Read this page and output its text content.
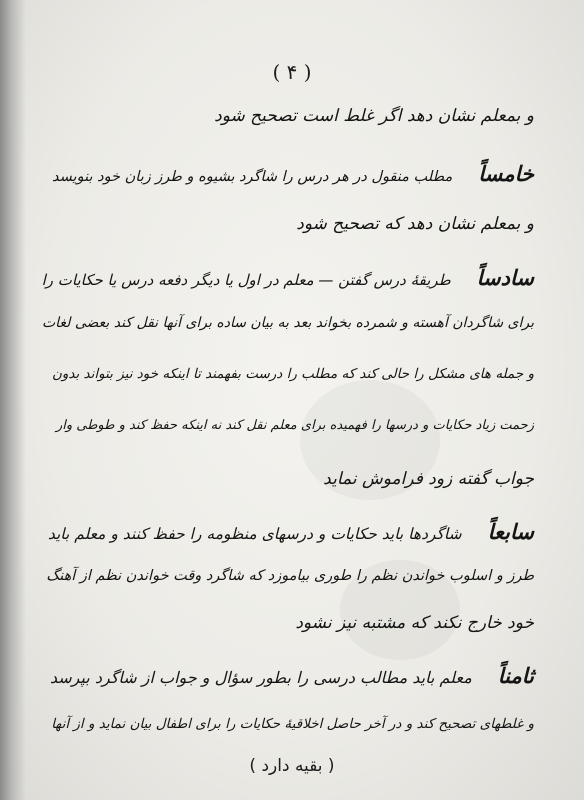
( ۴ )
و بمعلم نشان دهد اگر غلط است تصحیح شود
خامساًمطلب منقول در هر درس را شاگرد بشیوه و طرز زبان خود بنویسد
و بمعلم نشان دهد که تصحیح شود
سادساًطریقهٔ درس گفتن — معلم در اول یا دیگر دفعه درس یا حکایات را
برای شاگردان آهسته و شمرده بخواند بعد به بیان ساده برای آنها نقل کند بعضی لغات
و جمله های مشکل را حالی کند که مطلب را درست بفهمند تا اینکه خود نیز بتواند بدون
زحمت زیاد حکایات و درسها را فهمیده برای معلم نقل کند نه اینکه حفظ کند و طوطی وار
جواب گفته زود فراموش نماید
سابعاًشاگردها باید حکایات و درسهای منظومه را حفظ کنند و معلم باید
طرز و اسلوب خواندن نظم را طوری بیاموزد که شاگرد وقت خواندن نظم از آهنگ
خود خارج نکند که مشتبه نیز نشود
ثامناًمعلم باید مطالب درسی را بطور سؤال و جواب از شاگرد بپرسد
و غلطهای تصحیح کند و در آخر حاصل اخلاقیهٔ حکایات را برای اطفال بیان نماید و از آنها
( بقیه دارد )
